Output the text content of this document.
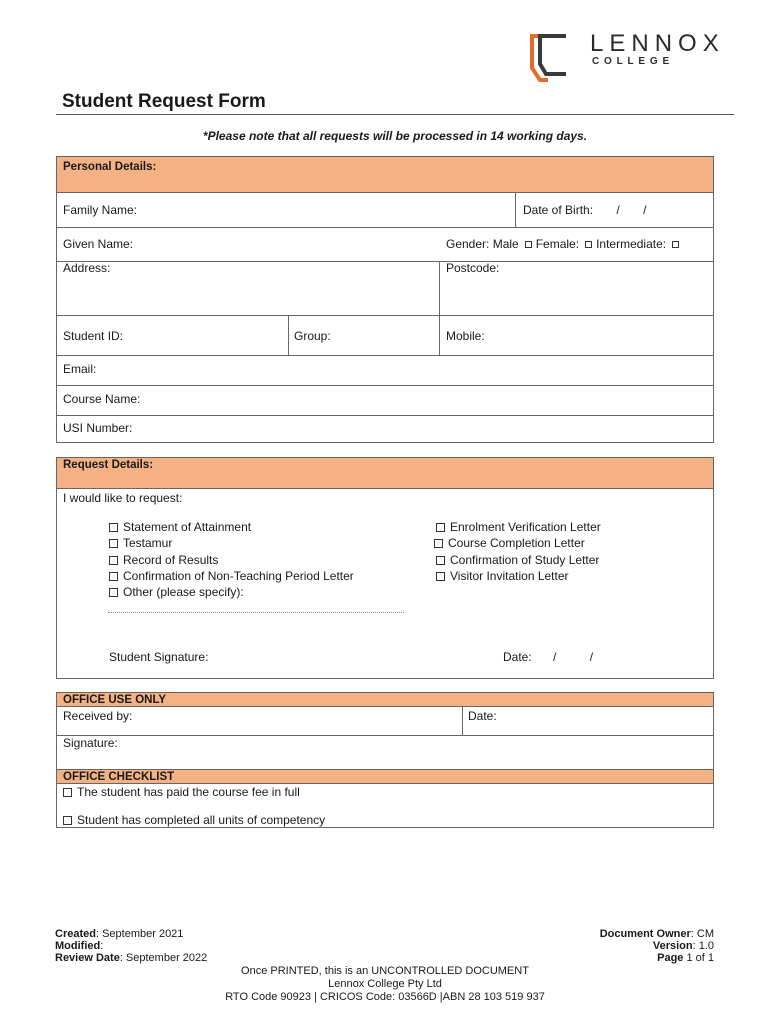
LENNOX
COLLEGE
Student Request Form
*Please note that all requests will be processed in 14 working days.
Personal Details:
Family Name:	Date of Birth: / /
Given Name:	Gender: Male Female: Intermediate:
Address:	Postcode:
Student ID:	Group:	Mobile:
Email:
Course Name:
USI Number:
Request Details:
I would like to request:
Statement of Attainment
Testamur
Record of Results
Confirmation of Non-Teaching Period Letter
Other (please specify):
Enrolment Verification Letter
Course Completion Letter
Confirmation of Study Letter
Visitor Invitation Letter
Student Signature:	Date: /	/
OFFICE USE ONLY
Received by:	Date:
Signature:
OFFICE CHECKLIST
The student has paid the course fee in full
Student has completed all units of competency
Created: September 2021
Modified:
Review Date: September 2022
Document Owner: CM
Version: 1.0
Page 1 of 1
Once PRINTED, this is an UNCONTROLLED DOCUMENT
Lennox College Pty Ltd
RTO Code 90923 | CRICOS Code: 03566D |ABN 28 103 519 937
